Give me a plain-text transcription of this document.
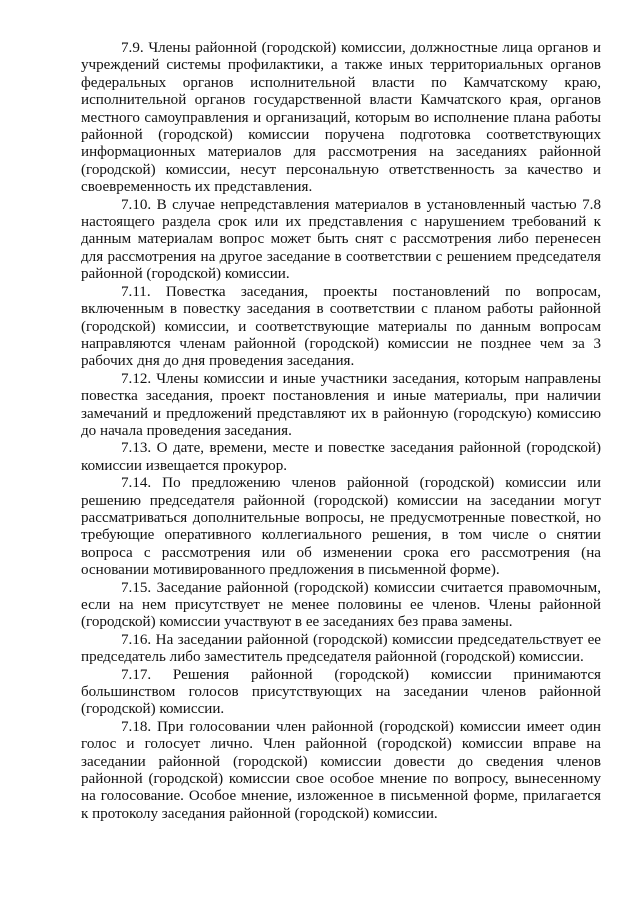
7.9. Члены районной (городской) комиссии, должностные лица органов и учреждений системы профилактики, а также иных территориальных органов федеральных органов исполнительной власти по Камчатскому краю, исполнительной органов государственной власти Камчатского края, органов местного самоуправления и организаций, которым во исполнение плана работы районной (городской) комиссии поручена подготовка соответствующих информационных материалов для рассмотрения на заседаниях районной (городской) комиссии, несут персональную ответственность за качество и своевременность их представления.

7.10. В случае непредставления материалов в установленный частью 7.8 настоящего раздела срок или их представления с нарушением требований к данным материалам вопрос может быть снят с рассмотрения либо перенесен для рассмотрения на другое заседание в соответствии с решением председателя районной (городской) комиссии.

7.11. Повестка заседания, проекты постановлений по вопросам, включенным в повестку заседания в соответствии с планом работы районной (городской) комиссии, и соответствующие материалы по данным вопросам направляются членам районной (городской) комиссии не позднее чем за 3 рабочих дня до дня проведения заседания.

7.12. Члены комиссии и иные участники заседания, которым направлены повестка заседания, проект постановления и иные материалы, при наличии замечаний и предложений представляют их в районную (городскую) комиссию до начала проведения заседания.

7.13. О дате, времени, месте и повестке заседания районной (городской) комиссии извещается прокурор.

7.14. По предложению членов районной (городской) комиссии или решению председателя районной (городской) комиссии на заседании могут рассматриваться дополнительные вопросы, не предусмотренные повесткой, но требующие оперативного коллегиального решения, в том числе о снятии вопроса с рассмотрения или об изменении срока его рассмотрения (на основании мотивированного предложения в письменной форме).

7.15. Заседание районной (городской) комиссии считается правомочным, если на нем присутствует не менее половины ее членов. Члены районной (городской) комиссии участвуют в ее заседаниях без права замены.

7.16. На заседании районной (городской) комиссии председательствует ее председатель либо заместитель председателя районной (городской) комиссии.

7.17. Решения районной (городской) комиссии принимаются большинством голосов присутствующих на заседании членов районной (городской) комиссии.

7.18. При голосовании член районной (городской) комиссии имеет один голос и голосует лично. Член районной (городской) комиссии вправе на заседании районной (городской) комиссии довести до сведения членов районной (городской) комиссии свое особое мнение по вопросу, вынесенному на голосование. Особое мнение, изложенное в письменной форме, прилагается к протоколу заседания районной (городской) комиссии.
